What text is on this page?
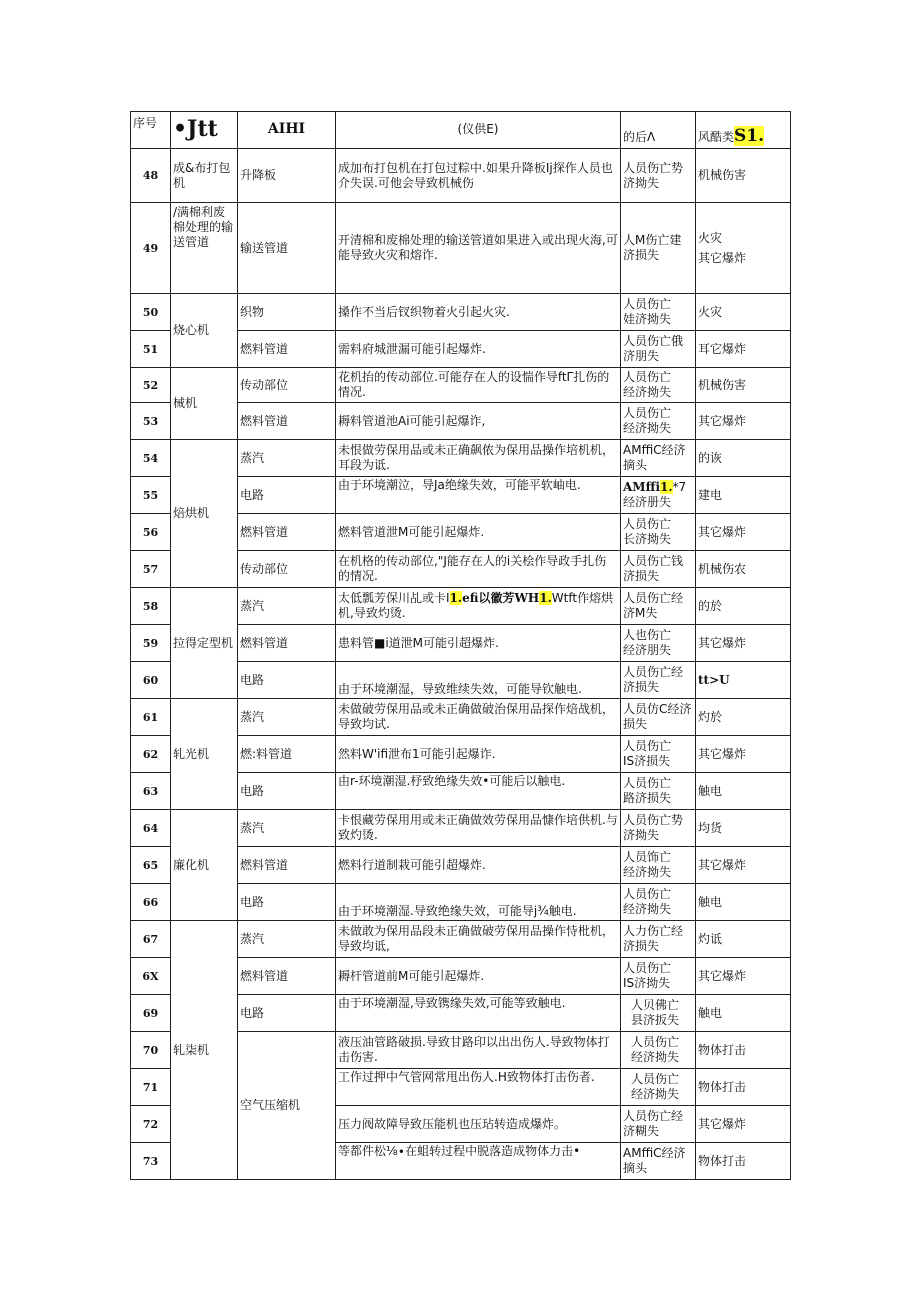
序号	•Jtt	AIHI	(仪供E)	的后Λ	风酷类S1.
48	成&布打包机	升降板	成加布打包机在打包过粽中.如果升降板Ij探作人员也介失误.可他会导致机械伤	人员伤亡势济拗失	机械伤害
49	/满棉利废棉处理的输送管道	输送管道	开清棉和废棉处理的输送管道如果进入或出现火海,可能导致火灾和熔诈.	人M伤亡建济损失	火灾
其它爆炸
50	烧心机	织物	搡作不当后钗织物着火引起火灾.	人员伤亡
娃济拗失	火灾
51		燃料管道	需料府城泄漏可能引起爆炸.	人员伤亡俄济朋失	耳它爆炸
52	械机	传动部位	花机抬的传动部位.可能存在人的设惴作导ftΓ扎伤的情况.	人员伤亡
经济拗失	机械伤害
53		燃料管道	耨料管道池Ai可能引起爆诈,	人员伤亡
经济拗失	其它爆炸
54	焙烘机	蒸汽	未恨做劳保用品或未正确飙侬为保用品操作培机机，耳段为诋.	AMffiC经济摘头	的诙
55		电路	由于环境潮泣，导Ja绝缘失效，可能平软岫电.	AMffi1.*7经济册失	建电
56		燃料管道	燃料管道泄M可能引起爆炸.	人员伤亡
长济拗失	其它爆炸
57		传动部位	在机格的传动部位,"J能存在人的i关桧作导政手扎伤的情况.	人员伤亡钱济损失	机械伤农
58	拉得定型机	蒸汽	太低瓢芳保川乩或卡I1.efi以徽芳WH1.Wtft作熔烘机,导致灼烫.	人员伤亡经济M失	的於
59		燃料管道	患料管■i道泄M可能引超爆炸.	人也伤亡
经济朋失	其它爆炸
60		电路	由于环境潮湿，导致维续失效，可能导钦触电.	人员伤亡经济损失	tt>U
61	轧光机	蒸汽	未做破劳保用品或未正确做破治保用品探作焙战机，导致均试.	人员仿C经济损失	灼於
62		燃:料管道	然料W'ifi泄布1可能引起爆诈.	人员伤亡
IS济损失	其它爆炸
63		电路	由r-环境潮湿.杼致绝缘失效•可能后以触电.	人员伤亡
路济损失	触电
64	廉化机	蒸汽	卡恨藏劳保用用或未正确做效劳保用品慷作培供机.与致灼烫.	人员伤亡势济拗失	均货
65		燃料管道	燃料行道制栽可能引超爆炸.	人员饰亡
经济拗失	其它爆炸
66		电路	由于环境潮湿.导致绝缘失效，可能导j¾触电.	人员伤亡
经济拗失	触电
67	轧柒机	蒸汽	未做敢为保用品段未正确做破劳保用品操作恃枇机，导致均诋,	人力伤亡经济损失	灼诋
6X		燃料管道	耨杆管道前M可能引起爆炸.	人员伤亡
IS济拗失	其它爆炸
69		电路	由于环境潮湿,导致镌缘失效,可能等致触电.	人贝佛亡
县济扳失	触电
70		空气压缩机	液压油管路破损.导致甘路印以出出伤人.导致物体打击伤害.	人员伤亡
经济拗失	物体打击
71			工作过押中气管网常甩出伤人.H致物体打击伤者.	人员伤亡
经济拗失	物体打击
72			压力阀故障导致压能机也压玷转造成爆炸。	人员伤亡经济糊失	其它爆炸
73			等都件松⅛∙在蛆转过程中脱落造成物体力击•	AMffiC经济摘头	物体打击
